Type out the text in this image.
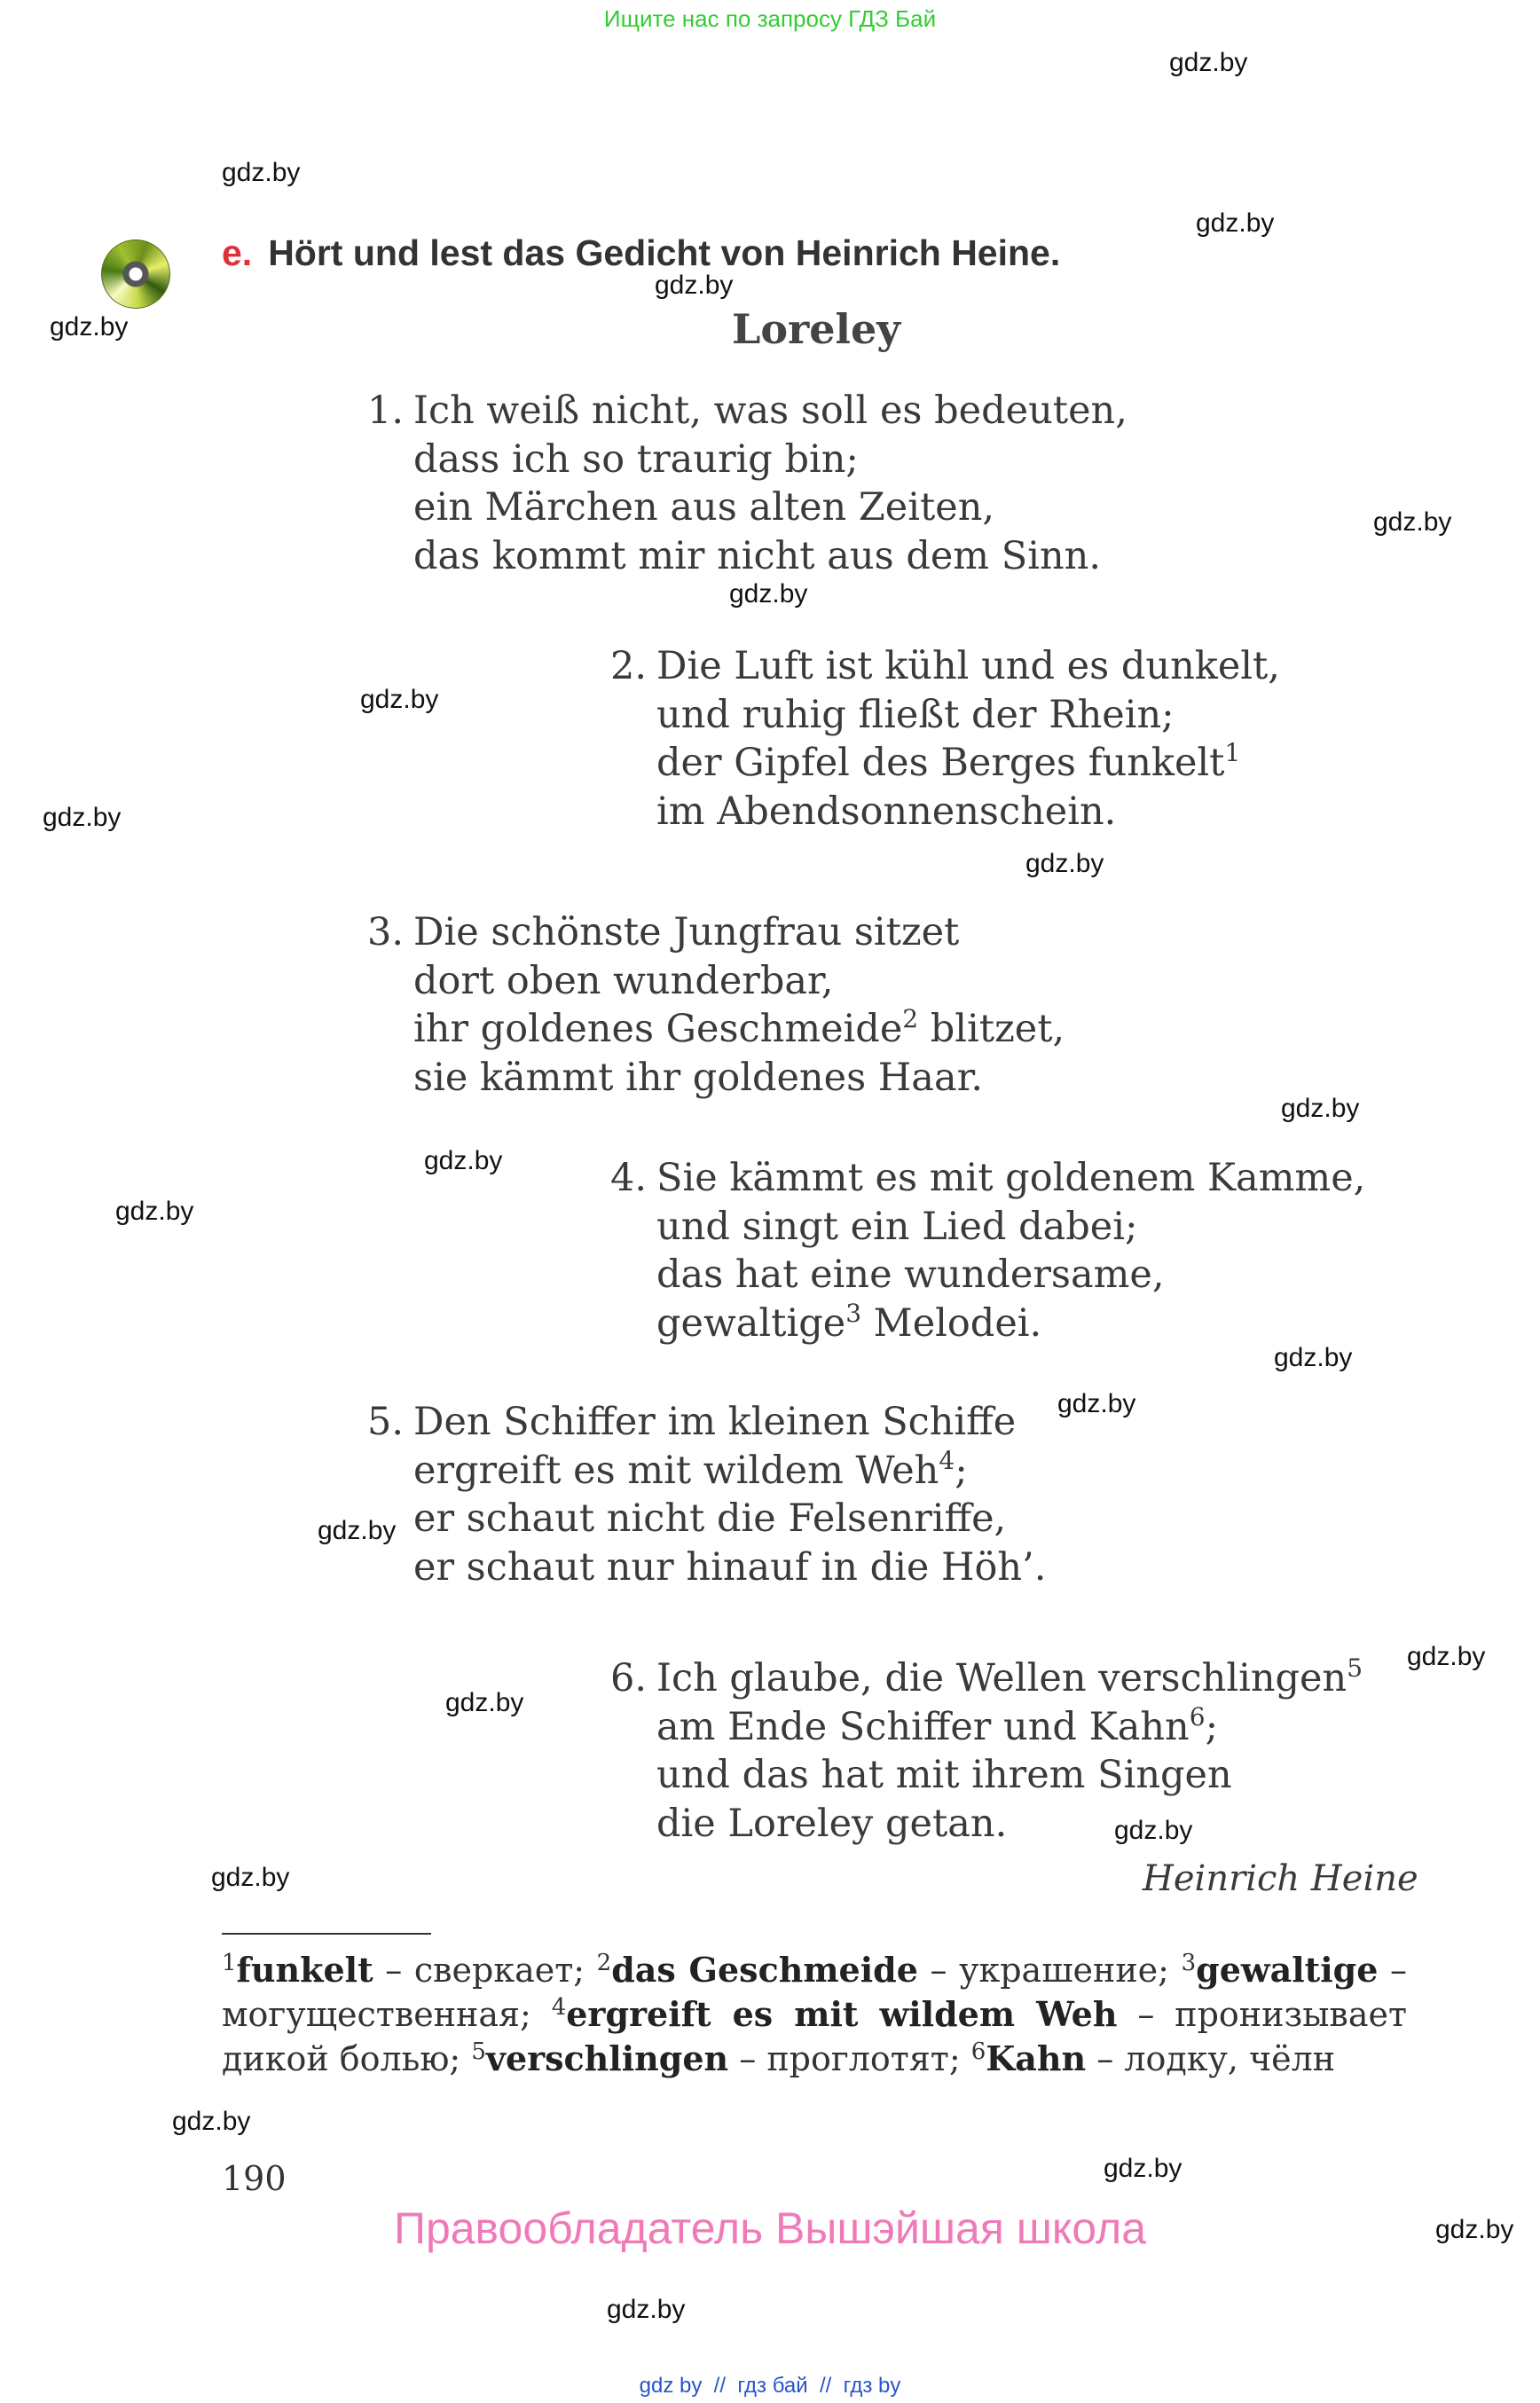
Ищите нас по запросу ГДЗ Бай
gdz.by
gdz.by
gdz.by
gdz.by
gdz.by
gdz.by
gdz.by
gdz.by
gdz.by
gdz.by
gdz.by
gdz.by
gdz.by
gdz.by
gdz.by
gdz.by
gdz.by
gdz.by
gdz.by
gdz.by
gdz.by
gdz.by
gdz.by
gdz.by
e. Hört und lest das Gedicht von Heinrich Heine.
Loreley
1. Ich weiß nicht, was soll es bedeuten,
dass ich so traurig bin;
ein Märchen aus alten Zeiten,
das kommt mir nicht aus dem Sinn.
2. Die Luft ist kühl und es dunkelt,
und ruhig fließt der Rhein;
der Gipfel des Berges funkelt$^1$
im Abendsonnenschein.
3. Die schönste Jungfrau sitzet
dort oben wunderbar,
ihr goldenes Geschmeide$^2$ blitzet,
sie kämmt ihr goldenes Haar.
4. Sie kämmt es mit goldenem Kamme,
und singt ein Lied dabei;
das hat eine wundersame,
gewaltige$^3$ Melodei.
5. Den Schiffer im kleinen Schiffe
ergreift es mit wildem Weh$^4$;
er schaut nicht die Felsenriffe,
er schaut nur hinauf in die Höh’.
6. Ich glaube, die Wellen verschlingen$^5$
am Ende Schiffer und Kahn$^6$;
und das hat mit ihrem Singen
die Loreley getan.
Heinrich Heine
$^1$funkelt – сверкает; $^2$das Geschmeide – украшение; $^3$gewaltige – могущественная; $^4$ergreift es mit wildem Weh – пронизывает дикой болью; $^5$verschlingen – проглотят; $^6$Kahn – лодку, чёлн
190
Правообладатель Вышэйшая школа
gdz by  //  гдз бай  //  гдз by
